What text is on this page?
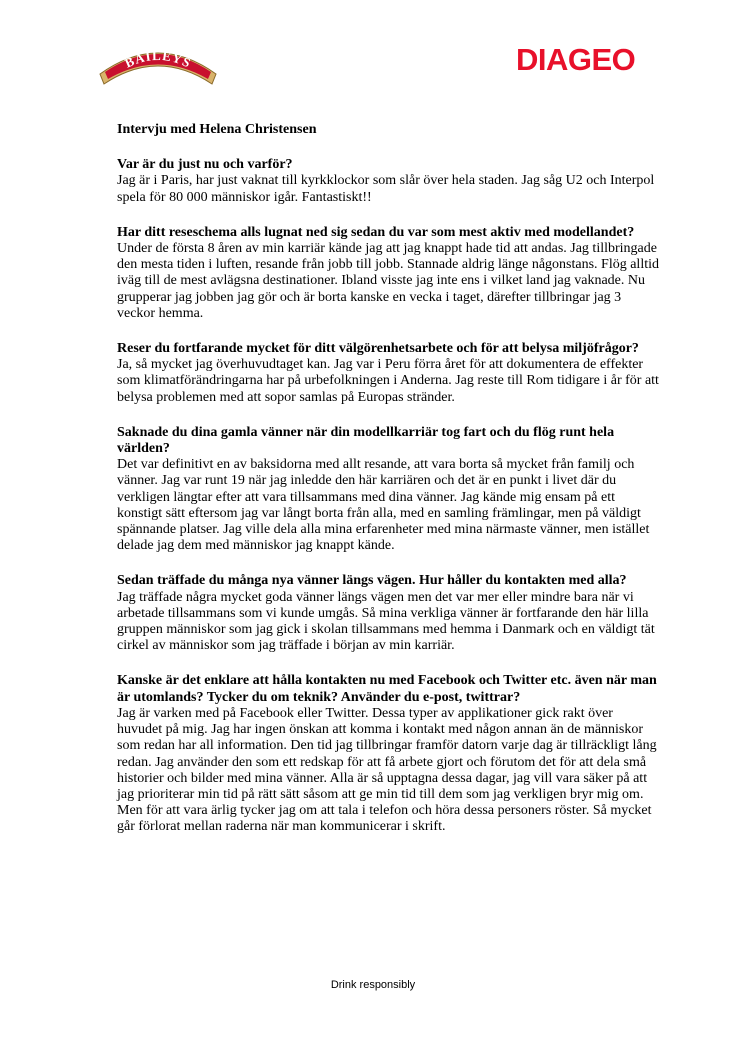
BAILEYS	DIAGEO

Intervju med Helena Christensen

Var är du just nu och varför?

Jag är i Paris, har just vaknat till kyrkklockor som slår över hela staden. Jag såg U2 och Interpol spela för 80 000 människor igår. Fantastiskt!!

Har ditt reseschema alls lugnat ned sig sedan du var som mest aktiv med modellandet?

Under de första 8 åren av min karriär kände jag att jag knappt hade tid att andas. Jag tillbringade den mesta tiden i luften, resande från jobb till jobb. Stannade aldrig länge någonstans. Flög alltid iväg till de mest avlägsna destinationer. Ibland visste jag inte ens i vilket land jag vaknade. Nu grupperar jag jobben jag gör och är borta kanske en vecka i taget, därefter tillbringar jag 3 veckor hemma.

Reser du fortfarande mycket för ditt välgörenhetsarbete och för att belysa miljöfrågor?

Ja, så mycket jag överhuvudtaget kan. Jag var i Peru förra året för att dokumentera de effekter som klimatförändringarna har på urbefolkningen i Anderna. Jag reste till Rom tidigare i år för att belysa problemen med att sopor samlas på Europas stränder.

Saknade du dina gamla vänner när din modellkarriär tog fart och du flög runt hela världen?

Det var definitivt en av baksidorna med allt resande, att vara borta så mycket från familj och vänner. Jag var runt 19 när jag inledde den här karriären och det är en punkt i livet där du verkligen längtar efter att vara tillsammans med dina vänner. Jag kände mig ensam på ett konstigt sätt eftersom jag var långt borta från alla, med en samling främlingar, men på väldigt spännande platser. Jag ville dela alla mina erfarenheter med mina närmaste vänner, men istället delade jag dem med människor jag knappt kände.

Sedan träffade du många nya vänner längs vägen. Hur håller du kontakten med alla?

Jag träffade några mycket goda vänner längs vägen men det var mer eller mindre bara när vi arbetade tillsammans som vi kunde umgås. Så mina verkliga vänner är fortfarande den här lilla gruppen människor som jag gick i skolan tillsammans med hemma i Danmark och en väldigt tät cirkel av människor som jag träffade i början av min karriär.

Kanske är det enklare att hålla kontakten nu med Facebook och Twitter etc. även när man är utomlands? Tycker du om teknik? Använder du e-post, twittrar?

Jag är varken med på Facebook eller Twitter. Dessa typer av applikationer gick rakt över huvudet på mig. Jag har ingen önskan att komma i kontakt med någon annan än de människor som redan har all information. Den tid jag tillbringar framför datorn varje dag är tillräckligt lång redan. Jag använder den som ett redskap för att få arbete gjort och förutom det för att dela små historier och bilder med mina vänner. Alla är så upptagna dessa dagar, jag vill vara säker på att jag prioriterar min tid på rätt sätt såsom att ge min tid till dem som jag verkligen bryr mig om. Men för att vara ärlig tycker jag om att tala i telefon och höra dessa personers röster. Så mycket går förlorat mellan raderna när man kommunicerar i skrift.

Drink responsibly
